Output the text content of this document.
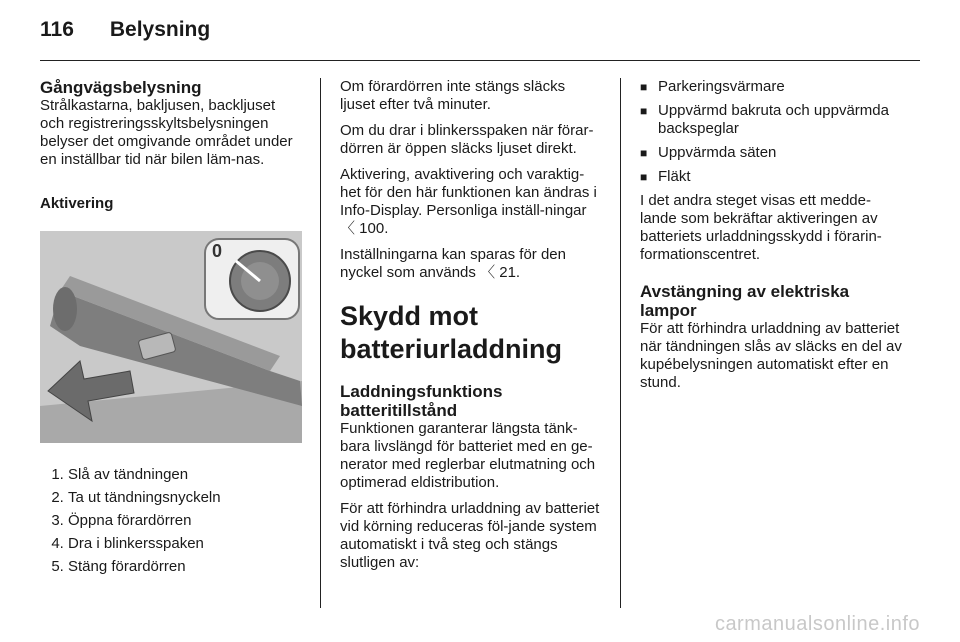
116 Belysning
Gångvägsbelysning

Strålkastarna, bakljusen, backljuset och registreringsskyltsbelysningen belyser det omgivande området under en inställbar tid när bilen läm-nas.

Aktivering
0
1. Slå av tändningen
2. Ta ut tändningsnyckeln
3. Öppna förardörren
4. Dra i blinkersspaken
5. Stäng förardörren

Om förardörren inte stängs släcks ljuset efter två minuter.

Om du drar i blinkersspaken när förar-dörren är öppen släcks ljuset direkt.

Aktivering, avaktivering och varaktig-het för den här funktionen kan ändras i Info-Display. Personliga inställ-ningar 〈 100.

Inställningarna kan sparas för den nyckel som används 〈 21.

Skydd mot batteriurladdning
Laddningsfunktions batteritillstånd

Funktionen garanterar längsta tänk-bara livslängd för batteriet med en ge-nerator med reglerbar elutmatning och optimerad eldistribution.

För att förhindra urladdning av batteriet vid körning reduceras föl-jande system automatiskt i två steg och stängs slutligen av:

■ Parkeringsvärmare
■ Uppvärmd bakruta och uppvärmda backspeglar
■ Uppvärmda säten
■ Fläkt

I det andra steget visas ett medde-lande som bekräftar aktiveringen av batteriets urladdningsskydd i förarin-formationscentret.

Avstängning av elektriska lampor

För att förhindra urladdning av batteriet när tändningen slås av släcks en del av kupébelysningen automatiskt efter en stund.

carmanualsonline.info
